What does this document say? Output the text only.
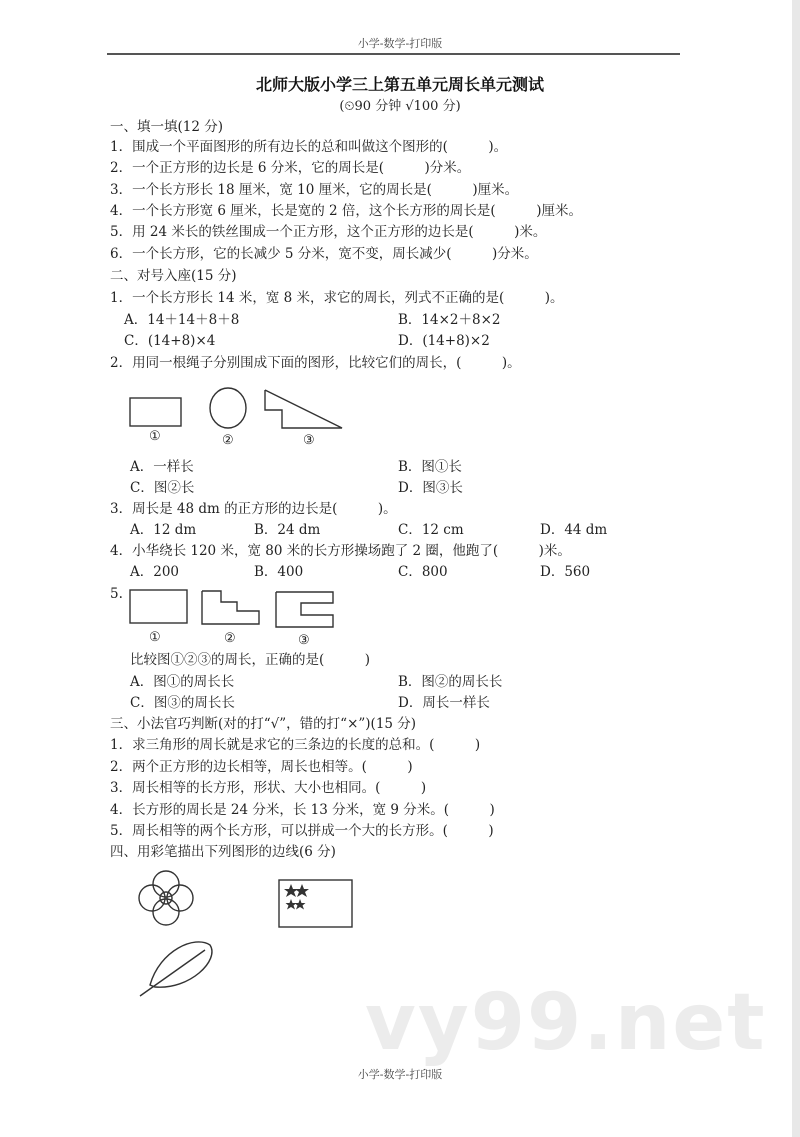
小学-数学-打印版
北师大版小学三上第五单元周长单元测试
(⏲90 分钟 √100 分)
一、填一填(12 分)
1．围成一个平面图形的所有边长的总和叫做这个图形的(　　　)。
2．一个正方形的边长是 6 分米，它的周长是(　　　)分米。
3．一个长方形长 18 厘米，宽 10 厘米，它的周长是(　　　)厘米。
4．一个长方形宽 6 厘米，长是宽的 2 倍，这个长方形的周长是(　　　)厘米。
5．用 24 米长的铁丝围成一个正方形，这个正方形的边长是(　　　)米。
6．一个长方形，它的长减少 5 分米，宽不变，周长减少(　　　)分米。
二、对号入座(15 分)
1．一个长方形长 14 米，宽 8 米，求它的周长，列式不正确的是(　　　)。
A．14＋14＋8＋8	B．14×2＋8×2
C．(14+8)×4	D．(14+8)×2
2．用同一根绳子分别围成下面的图形，比较它们的周长，(　　　)。
①	②	③
A．一样长	B．图①长
C．图②长	D．图③长
3．周长是 48 dm 的正方形的边长是(　　　)。
A．12 dm	B．24 dm	C．12 cm	D．44 dm
4．小华绕长 120 米，宽 80 米的长方形操场跑了 2 圈，他跑了(　　　)米。
A．200	B．400	C．800	D．560
5.
①	②	③
比较图①②③的周长，正确的是(　　　)
A．图①的周长长	B．图②的周长长
C．图③的周长长	D．周长一样长
三、小法官巧判断(对的打“√”，错的打“×”)(15 分)
1．求三角形的周长就是求它的三条边的长度的总和。(　　　)
2．两个正方形的边长相等，周长也相等。(　　　)
3．周长相等的长方形，形状、大小也相同。(　　　)
4．长方形的周长是 24 分米，长 13 分米，宽 9 分米。(　　　)
5．周长相等的两个长方形，可以拼成一个大的长方形。(　　　)
四、用彩笔描出下列图形的边线(6 分)
vy99.net
小学-数学-打印版
